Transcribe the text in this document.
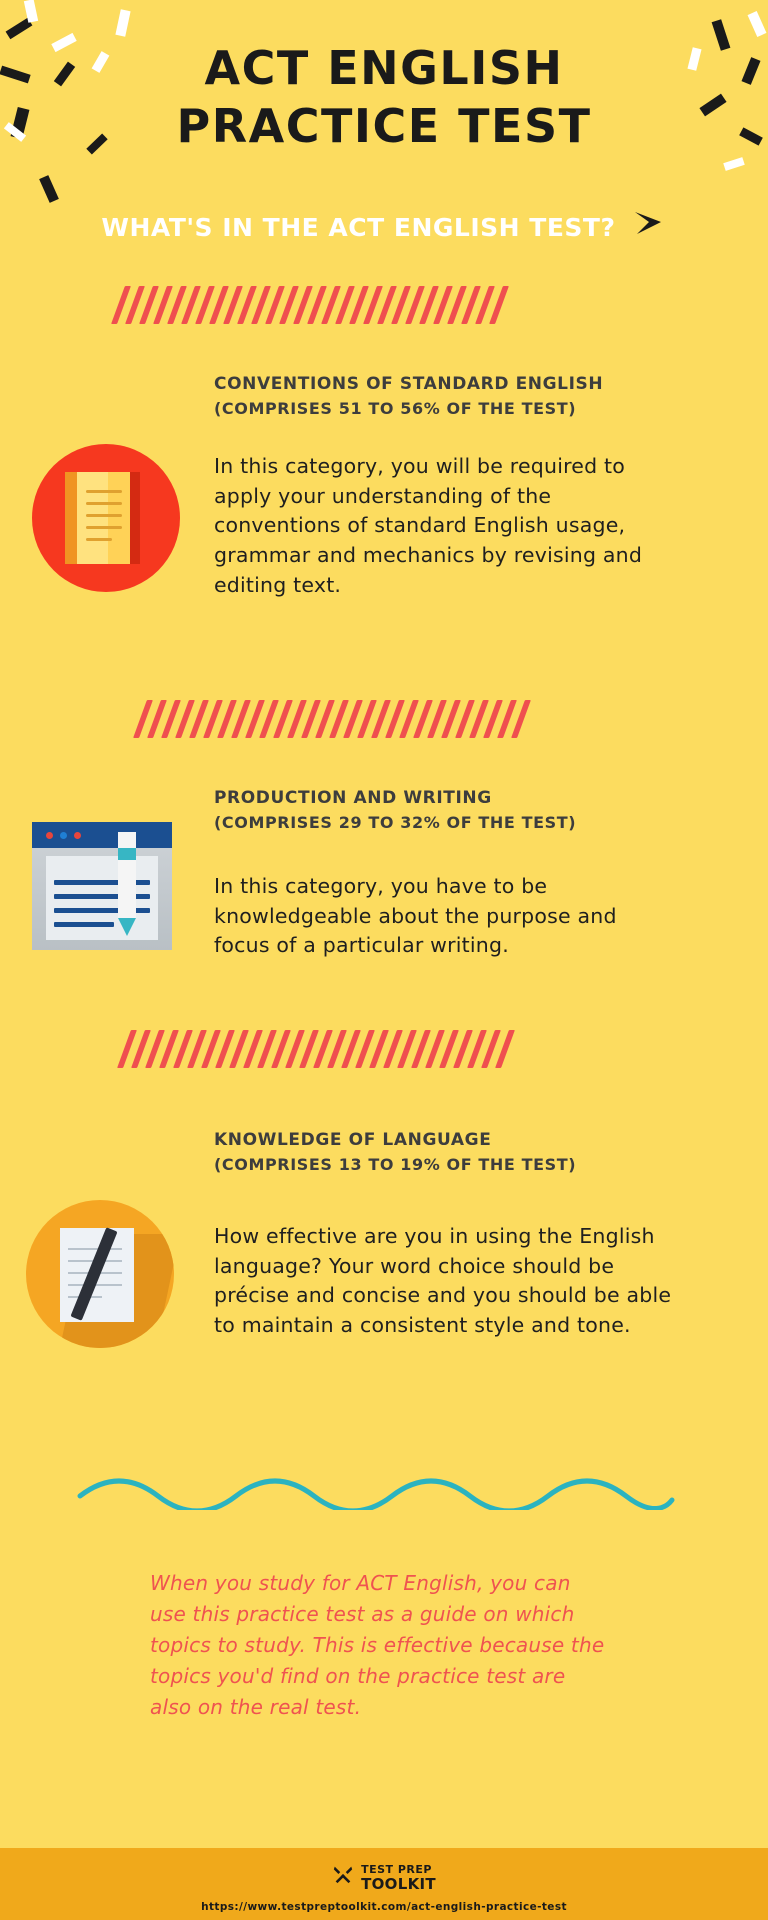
ACT ENGLISH
PRACTICE TEST
WHAT'S IN THE ACT ENGLISH TEST?
CONVENTIONS OF STANDARD ENGLISH
(COMPRISES 51 TO 56% OF THE TEST)
In this category, you will be required to apply your understanding of the conventions of standard English usage, grammar and mechanics by revising and editing text.
PRODUCTION AND WRITING
(COMPRISES 29 TO 32% OF THE TEST)
In this category, you have to be knowledgeable about the purpose and focus of a particular writing.
KNOWLEDGE OF LANGUAGE
(COMPRISES 13 TO 19% OF THE TEST)
How effective are you in using the English language? Your word choice should be précise and concise and you should be able to maintain a consistent style and tone.
When you study for ACT English, you can use this practice test as a guide on which topics to study. This is effective because the topics you'd find on the practice test are also on the real test.
TEST PREP
TOOLKIT
https://www.testpreptoolkit.com/act-english-practice-test
